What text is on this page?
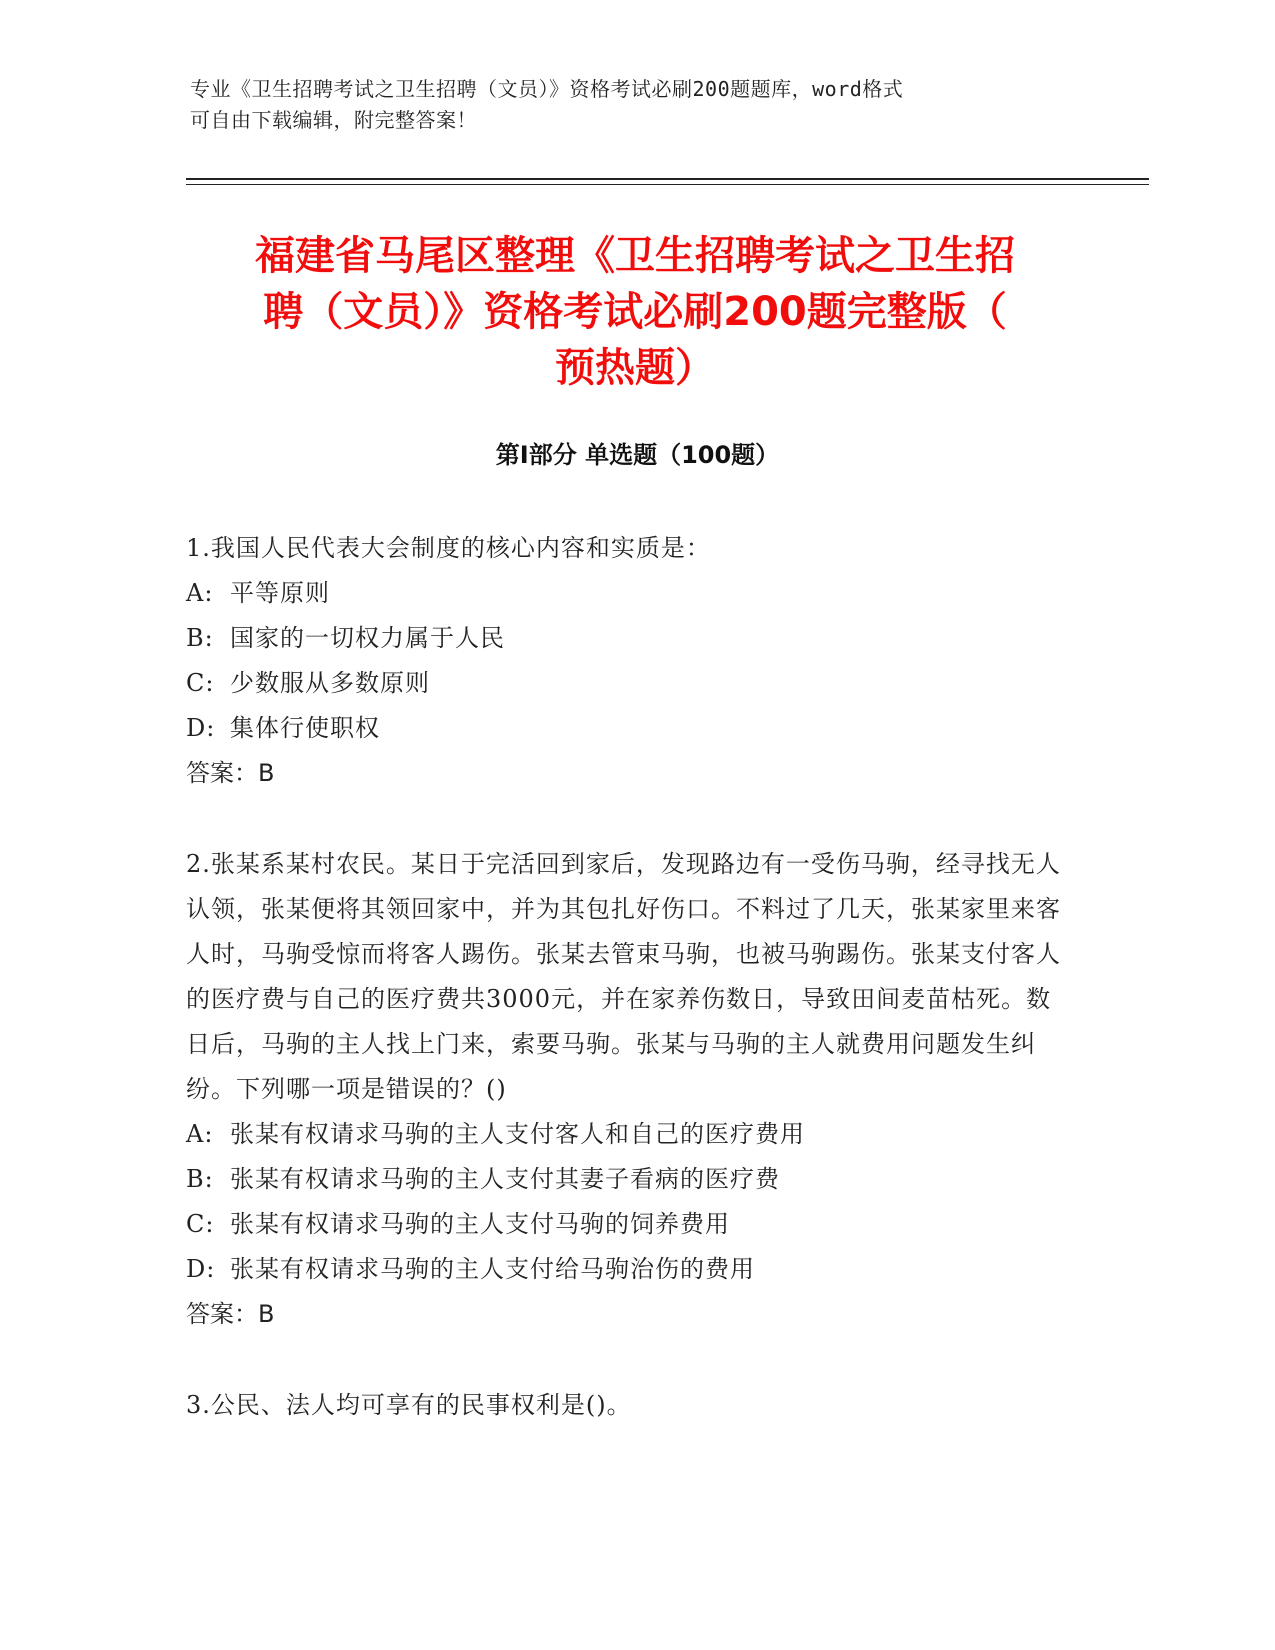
专业《卫生招聘考试之卫生招聘（文员）》资格考试必刷200题题库，word格式
可自由下载编辑，附完整答案！
福建省马尾区整理《卫生招聘考试之卫生招
聘（文员）》资格考试必刷200题完整版（
预热题）
第Ⅰ部分 单选题（100题）

1.我国人民代表大会制度的核心内容和实质是：

A: 平等原则

B: 国家的一切权力属于人民

C: 少数服从多数原则

D: 集体行使职权

答案：B

2.张某系某村农民。某日于完活回到家后，发现路边有一受伤马驹，经寻找无人认领，张某便将其领回家中，并为其包扎好伤口。不料过了几天，张某家里来客人时，马驹受惊而将客人踢伤。张某去管束马驹，也被马驹踢伤。张某支付客人的医疗费与自己的医疗费共3000元，并在家养伤数日，导致田间麦苗枯死。数日后，马驹的主人找上门来，索要马驹。张某与马驹的主人就费用问题发生纠纷。下列哪一项是错误的？()

A: 张某有权请求马驹的主人支付客人和自己的医疗费用

B: 张某有权请求马驹的主人支付其妻子看病的医疗费

C: 张某有权请求马驹的主人支付马驹的饲养费用

D: 张某有权请求马驹的主人支付给马驹治伤的费用

答案：B

3.公民、法人均可享有的民事权利是()。
